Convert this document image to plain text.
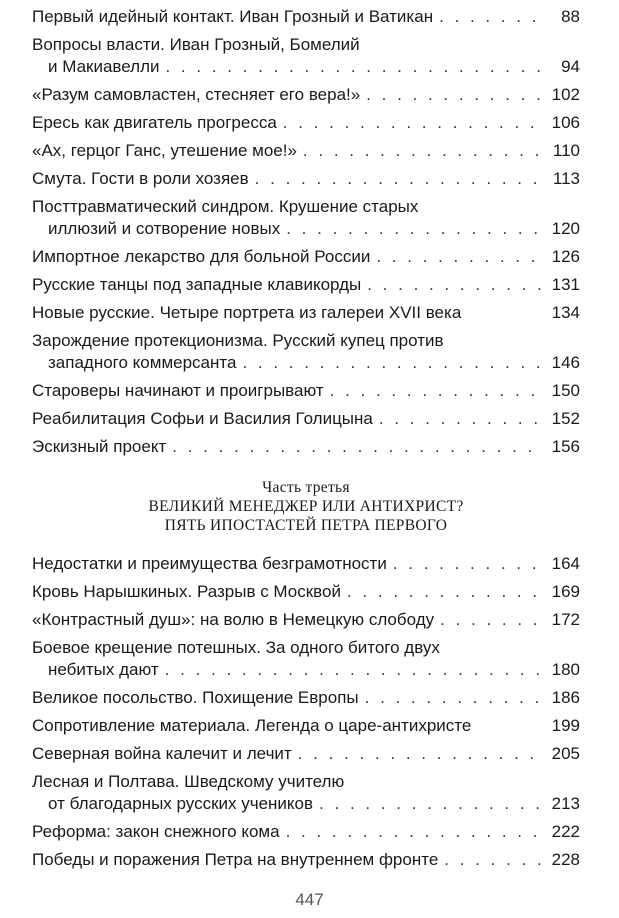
Первый идейный контакт. Иван Грозный и Ватикан . . .	88
Вопросы власти. Иван Грозный, Бомелий
и Макиавелли . . .	94
«Разум самовластен, стесняет его вера!» . . .	102
Ересь как двигатель прогресса . . .	106
«Ах, герцог Ганс, утешение мое!» . . .	110
Смута. Гости в роли хозяев . . .	113
Посттравматический синдром. Крушение старых
иллюзий и сотворение новых . . .	120
Импортное лекарство для больной России . . .	126
Русские танцы под западные клавикорды . . .	131
Новые русские. Четыре портрета из галереи XVII века	134
Зарождение протекционизма. Русский купец против
западного коммерсанта . . .	146
Староверы начинают и проигрывают . . .	150
Реабилитация Софьи и Василия Голицына . . .	152
Эскизный проект . . .	156
Часть третья
ВЕЛИКИЙ МЕНЕДЖЕР ИЛИ АНТИХРИСТ?
ПЯТЬ ИПОСТАСТЕЙ ПЕТРА ПЕРВОГО
Недостатки и преимущества безграмотности . . .	164
Кровь Нарышкиных. Разрыв с Москвой . . .	169
«Контрастный душ»: на волю в Немецкую слободу . . .	172
Боевое крещение потешных. За одного битого двух
небитых дают . . .	180
Великое посольство. Похищение Европы . . .	186
Сопротивление материала. Легенда о царе-антихристе	199
Северная война калечит и лечит . . .	205
Лесная и Полтава. Шведскому учителю
от благодарных русских учеников . . .	213
Реформа: закон снежного кома . . .	222
Победы и поражения Петра на внутреннем фронте . . .	228
447
